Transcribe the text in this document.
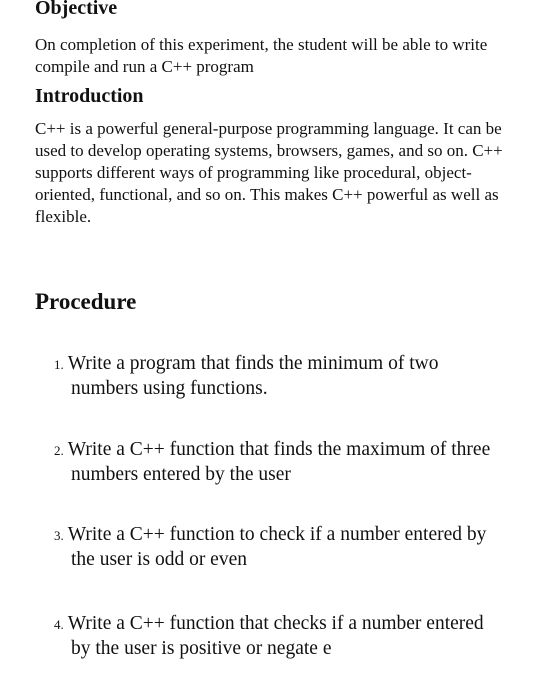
Objective

On completion of this experiment, the student will be able to write compile and run a C++ program

Introduction

C++ is a powerful general-purpose programming language. It can be used to develop operating systems, browsers, games, and so on. C++ supports different ways of programming like procedural, object-oriented, functional, and so on. This makes C++ powerful as well as flexible.

Procedure
1. Write a program that finds the minimum of two
numbers using functions.
2. Write a C++ function that finds the maximum of three
numbers entered by the user
3. Write a C++ function to check if a number entered by
the user is odd or even
4. Write a C++ function that checks if a number entered
by the user is positive or negate e
